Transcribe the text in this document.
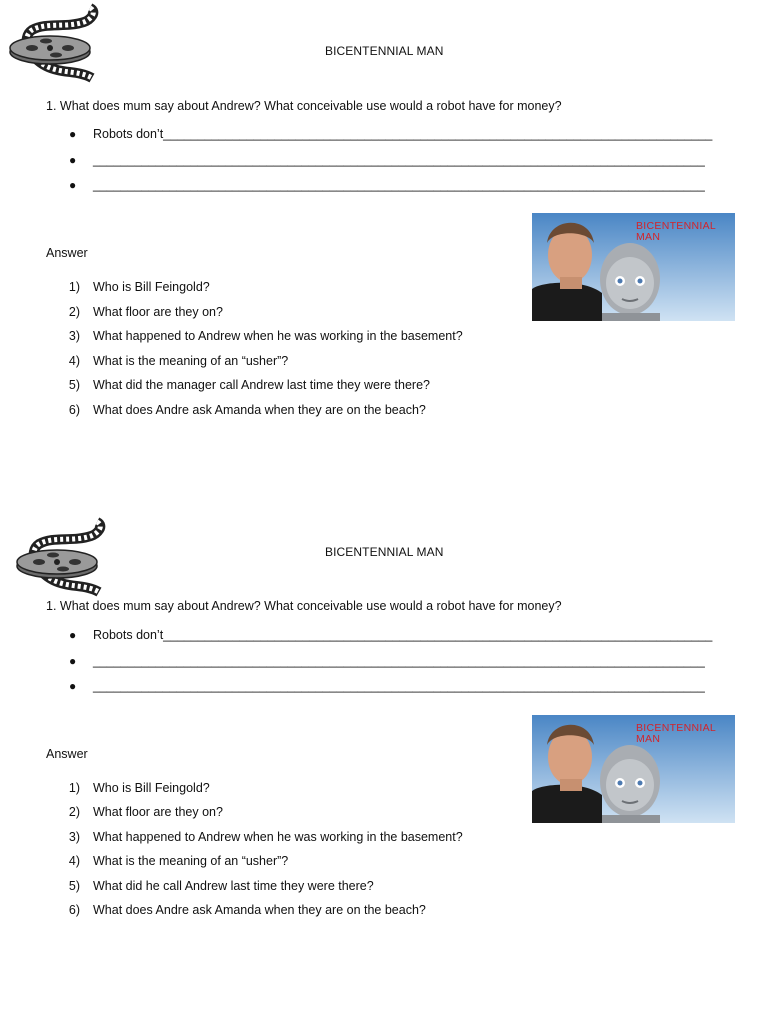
BICENTENNIAL MAN
1. What does mum say about Andrew? What conceivable use would a robot have for money?
● Robots don’t_______________________________________________________________________________
● ________________________________________________________________________________________
● ________________________________________________________________________________________
Answer
BICENTENNIAL
MAN
1) Who is Bill Feingold?
2) What floor are they on?
3) What happened to Andrew when he was working in the basement?
4) What is the meaning of an “usher”?
5) What did the manager call Andrew last time they were there?
6) What does Andre ask Amanda when they are on the beach?
BICENTENNIAL MAN
1. What does mum say about Andrew? What conceivable use would a robot have for money?
● Robots don’t_______________________________________________________________________________
● ________________________________________________________________________________________
● ________________________________________________________________________________________
Answer
BICENTENNIAL
MAN
1) Who is Bill Feingold?
2) What floor are they on?
3) What happened to Andrew when he was working in the basement?
4) What is the meaning of an “usher”?
5) What did he call Andrew last time they were there?
6) What does Andre ask Amanda when they are on the beach?
